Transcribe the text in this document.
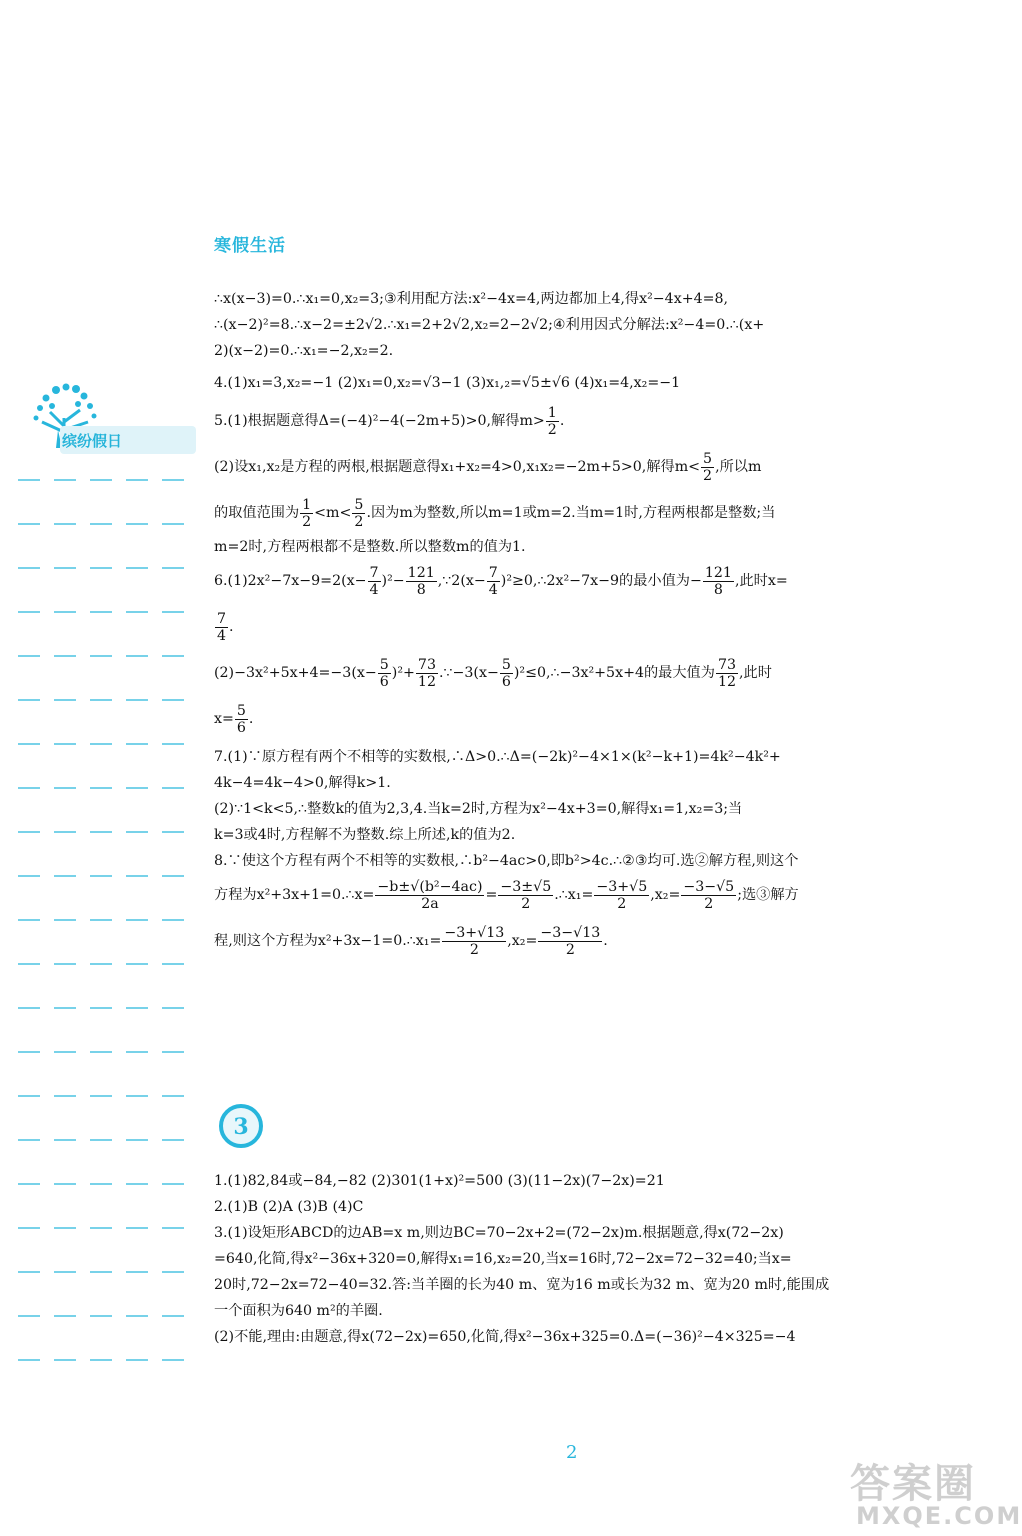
寒假生活
缤纷假日

∴x(x−3)=0.∴x₁=0,x₂=3;③利用配方法:x²−4x=4,两边都加上4,得x²−4x+4=8,

∴(x−2)²=8.∴x−2=±2√2.∴x₁=2+2√2,x₂=2−2√2;④利用因式分解法:x²−4=0.∴(x+

2)(x−2)=0.∴x₁=−2,x₂=2.

4.(1)x₁=3,x₂=−1 (2)x₁=0,x₂=√3−1 (3)x₁,₂=√5±√6 (4)x₁=4,x₂=−1

5.(1)根据题意得Δ=(−4)²−4(−2m+5)>0,解得$m> \frac{1}{2}$ .

(2)设x₁,x₂是方程的两根,根据题意得x₁+x₂=4>0,x₁x₂=−2m+5>0,解得$m< \frac{5}{2}$ ,所以m

的取值范围为 $\frac{1}{2} <m< \frac{5}{2}$ .因为m为整数,所以m=1或m=2.当m=1时,方程两根都是整数;当

m=2时,方程两根都不是整数.所以整数m的值为1.

$6.(1)2x^2-7x-9=2(x- \frac{7}{4} )^2- \frac{121}{8}$ ,∵2(x− $\frac{7}{4}$ )²≥0,∴2x²−7x−9的最小值为− $\frac{121}{8}$ ,此时x=

$\frac{7}{4}$ .

$(2)-3x^2+5x+4=-3(x- \frac{5}{6} )^2+ \frac{73}{12}$ .∵−3(x− $\frac{5}{6}$ )²≤0,∴−3x²+5x+4的最大值为 $\frac{73}{12}$ ,此时

$x= \frac{5}{6}$ .

7.(1)∵原方程有两个不相等的实数根,∴Δ>0.∴Δ=(−2k)²−4×1×(k²−k+1)=4k²−4k²+

4k−4=4k−4>0,解得k>1.

(2)∵1<k<5,∴整数k的值为2,3,4.当k=2时,方程为x²−4x+3=0,解得x₁=1,x₂=3;当

k=3或4时,方程解不为整数.综上所述,k的值为2.

8.∵使这个方程有两个不相等的实数根,∴b²−4ac>0,即b²>4c.∴②③均可.选②解方程,则这个

方程为x²+3x+1=0.∴x= $\frac{\text{−b±√(b²−4ac)}}{2a} = \frac{-3\pm√5}{2}$ .∴x₁= $\frac{-3+√5}{2} ,x_2= \frac{-3-√5}{2}$ ;选③解方

程,则这个方程为x²+3x−1=0.∴x₁= $\frac{-3+√13}{2} ,x_2= \frac{-3-√13}{2}$ .

3

1.(1)82,84或−84,−82 (2)301(1+x)²=500 (3)(11−2x)(7−2x)=21

2.(1)B (2)A (3)B (4)C

3.(1)设矩形ABCD的边AB=x m,则边BC=70−2x+2=(72−2x)m.根据题意,得x(72−2x)

=640,化简,得x²−36x+320=0,解得x₁=16,x₂=20,当x=16时,72−2x=72−32=40;当x=

20时,72−2x=72−40=32.答:当羊圈的长为40 m、宽为16 m或长为32 m、宽为20 m时,能围成

一个面积为640 m²的羊圈.

(2)不能,理由:由题意,得x(72−2x)=650,化简,得x²−36x+325=0.Δ=(−36)²−4×325=−4

2
答案圈
MXQE.COM
